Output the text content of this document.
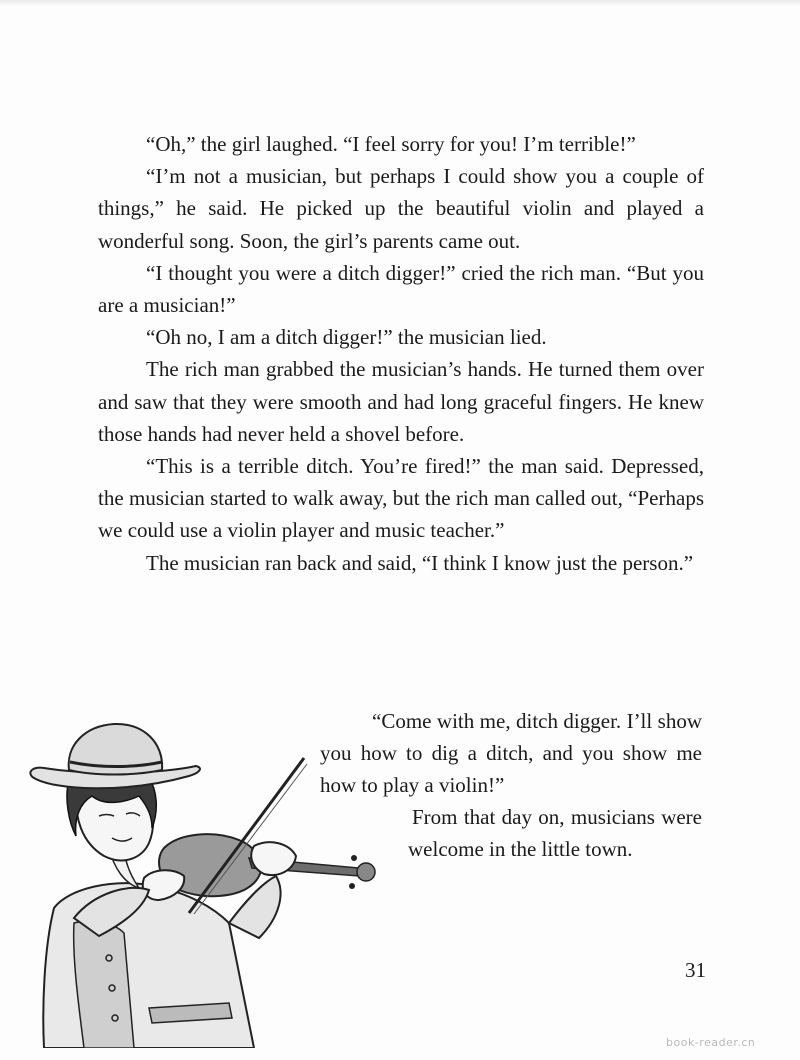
“Oh,” the girl laughed. “I feel sorry for you! I’m terrible!”

“I’m not a musician, but perhaps I could show you a couple of things,” he said. He picked up the beautiful violin and played a wonderful song. Soon, the girl’s parents came out.

“I thought you were a ditch digger!” cried the rich man. “But you are a musician!”

“Oh no, I am a ditch digger!” the musician lied.

The rich man grabbed the musician’s hands. He turned them over and saw that they were smooth and had long graceful fingers. He knew those hands had never held a shovel before.

“This is a terrible ditch. You’re fired!” the man said. Depressed, the musician started to walk away, but the rich man called out, “Perhaps we could use a violin player and music teacher.”

The musician ran back and said, “I think I know just the person.”

“Come with me, ditch digger. I’ll show you how to dig a ditch, and you show me how to play a violin!”
From that day on, musicians were welcome in the little town.
31
book-reader.cn
